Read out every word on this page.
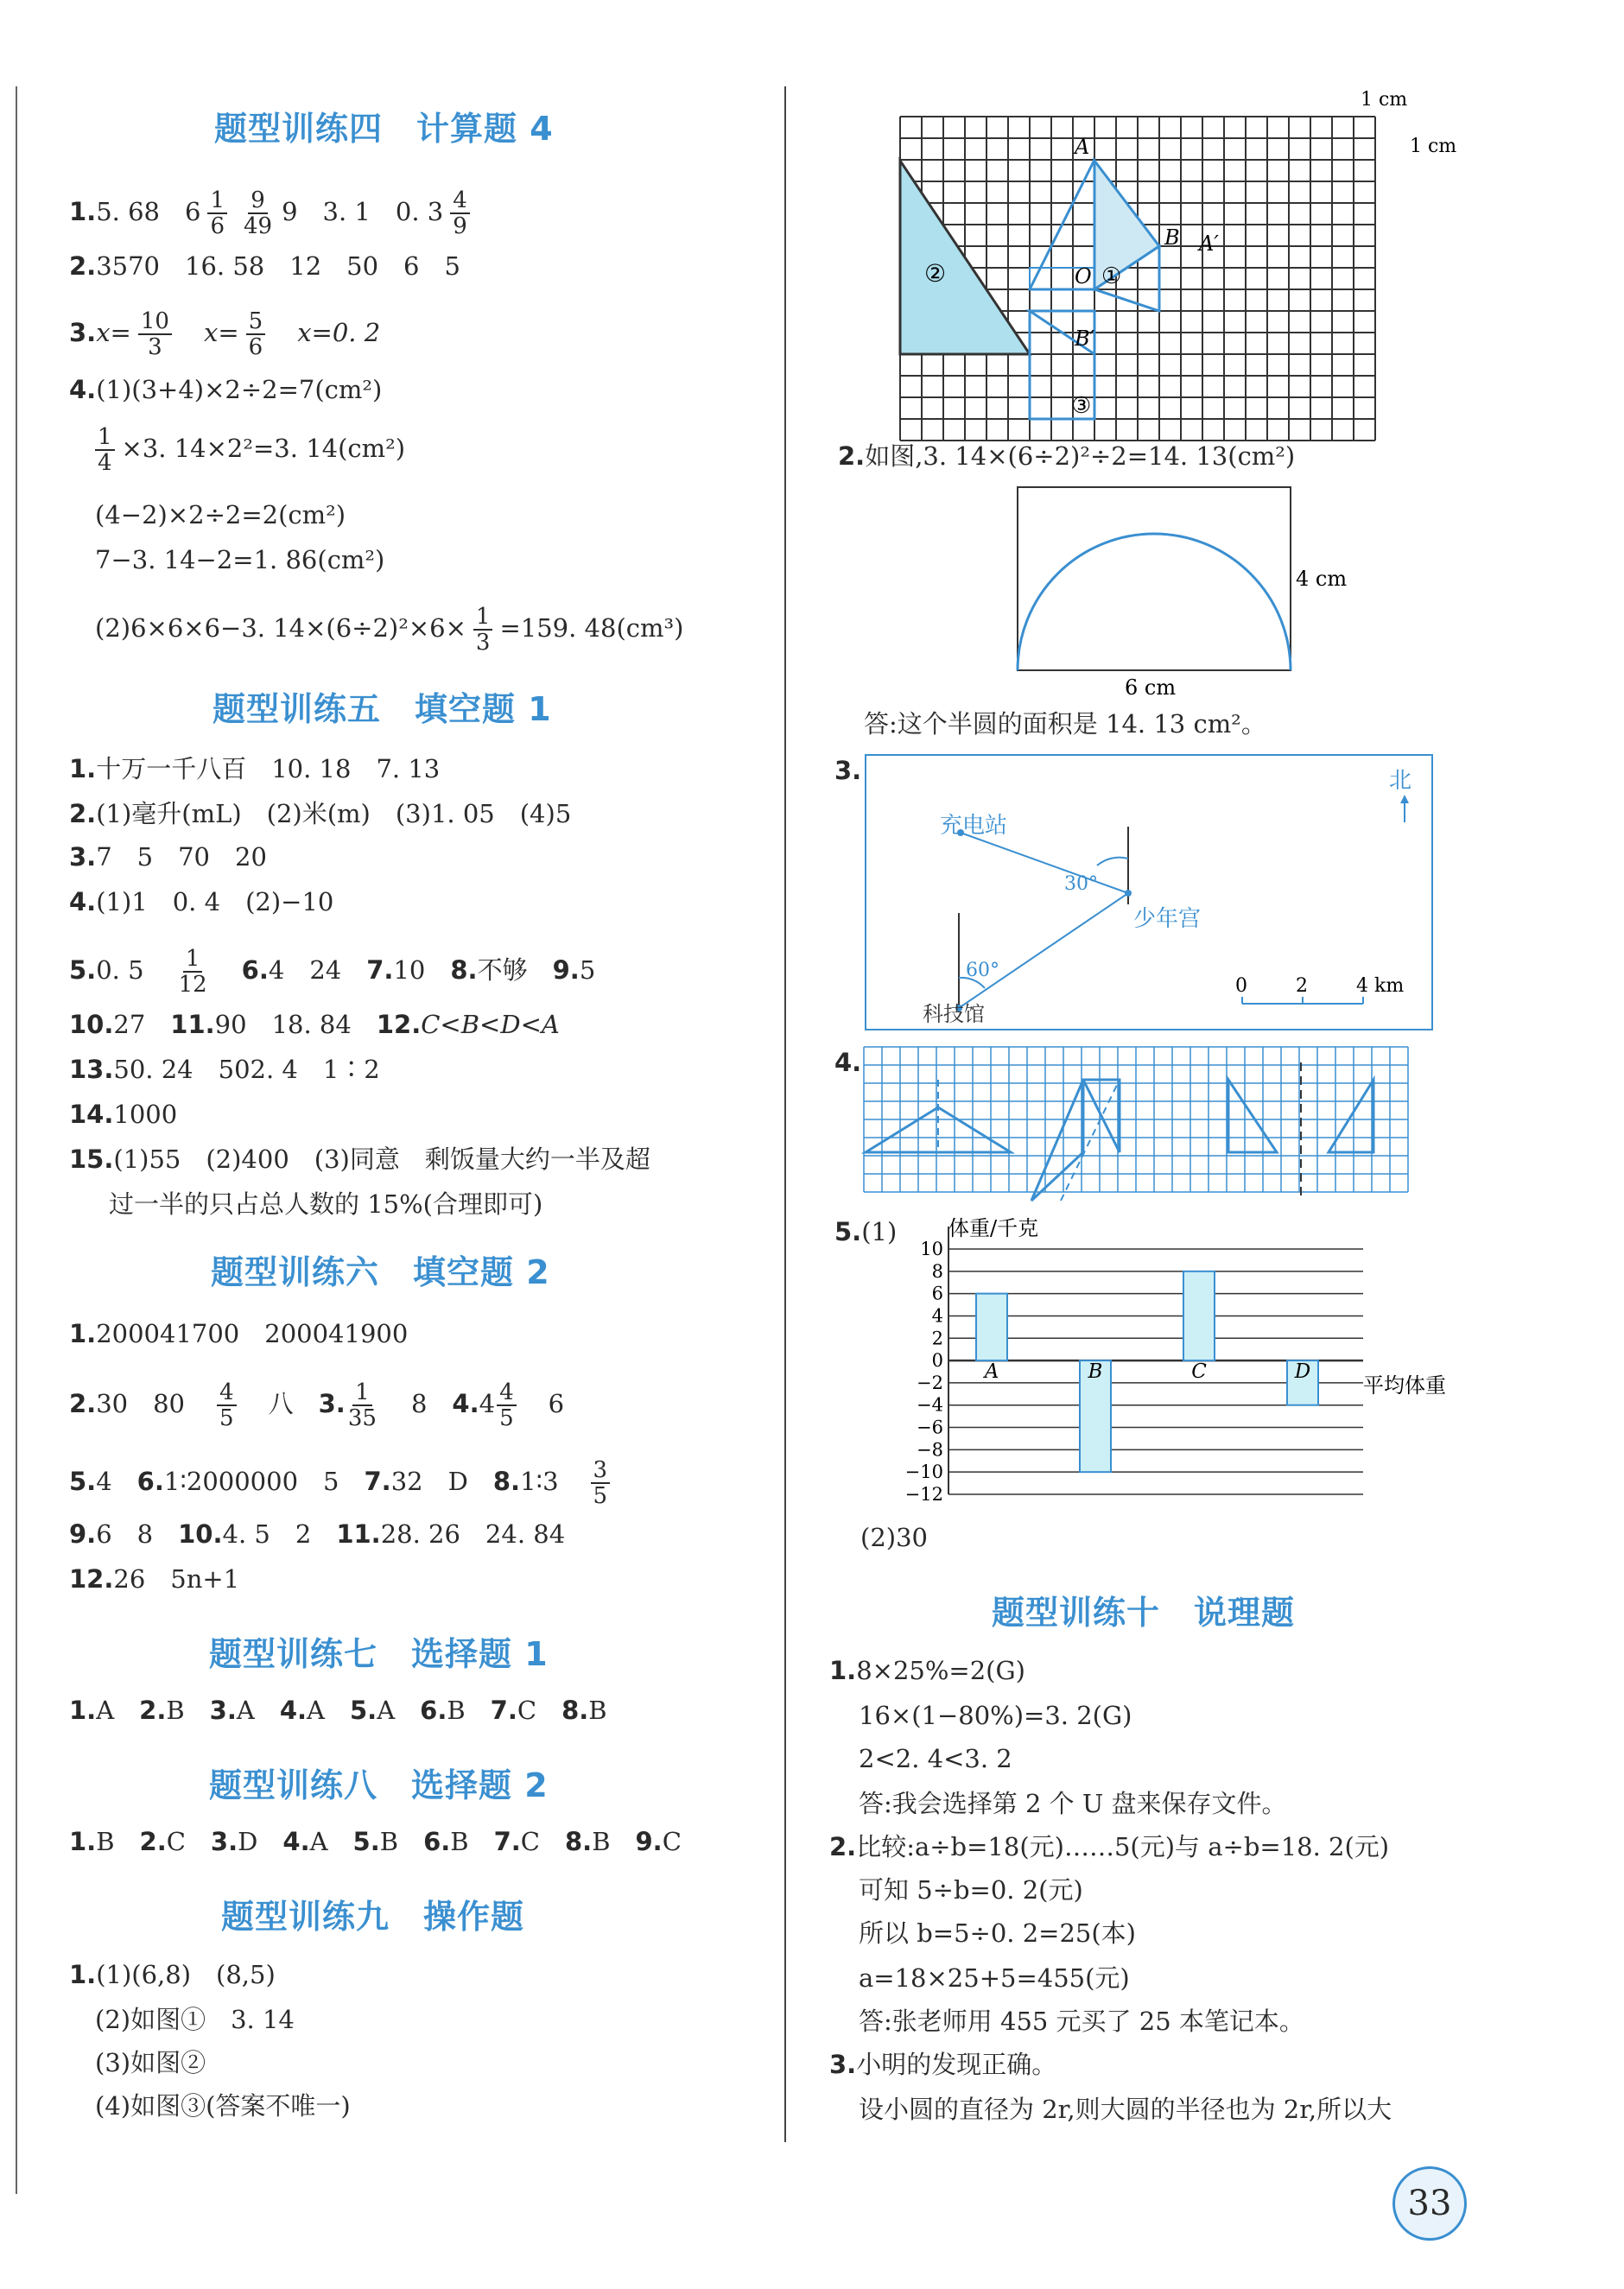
题型训练四　计算题 4
1.5. 68　$6 \frac{1}{6} \frac{9}{49} 9$　3. 1　0. $3 \frac{4}{9}$
2.3570　16. 58　12　50　6　5
$3.x= \frac{10}{3}$
　 $x= \frac{5}{6}$
　 x=0. 2
4.(1)(3+4)×2÷2=7(cm²)
$\frac{1}{4} \times 3$. 14×2²=3. 14(cm²)
(4−2)×2÷2=2(cm²)
7−3. 14−2=1. 86(cm²)
(2)6×6×6−3. $14\times(6\div 2)^2\times 6\times \frac{1}{3} =159$. 48(cm³)
题型训练五　填空题 1
1.十万一千八百　10. 18　7. 13
2.(1)毫升(mL)　(2)米(m)　(3)1. 05　(4)5
3.7　5　70　20
4.(1)1　0. 4　(2)−10
5.0. 5　 $\frac{1}{12}$
　 6.4　24　 7.10　 8.不够　 9.5
10.27　 11.90　18. 84　 12.C<B<D<A
13.50. 24　502. 4　1∶2
14.1000
15.(1)55　(2)400　(3)同意　剩饭量大约一半及超
过一半的只占总人数的 15%(合理即可)
题型训练六　填空题 2
1.200041700　200041900
2.30　80　 $\frac{4}{5}$
　 八　 3. $\frac{1}{35}$
　 8　 $4.4 \frac{4}{5}$
　 6
5.4　 6.1∶2000000　5　 7.32　D　 8.1∶3　 $\frac{3}{5}$
9.6　8　 10.4. 5　2　 11.28. 26　24. 84
12.26　5n+1
题型训练七　选择题 1
1.A　2.B　3.A　4.A　5.A　6.B　7.C　8.B　
题型训练八　选择题 2
1.B　2.C　3.D　4.A　5.B　6.B　7.C　8.B　9.C　
题型训练九　操作题
1.(1)(6,8)　(8,5)
(2)如图①　3. 14
(3)如图②
(4)如图③(答案不唯一)
②
A
B A′
B′
O ①
③
1 cm
1 cm
2.如图,3. 14×(6÷2)²÷2=14. 13(cm²)
4 cm
6 cm
答:这个半圆的面积是 14. 13 cm²。
3.	北
充电站
少年宫
科技馆
30°
60°
0	2	4 km
4.
5.(1)
10
8
6
4
2
0
−2
−4
−6
−8
−10
−12
A	B	C	D
体重/千克
平均体重
(2)30
题型训练十　说理题
1.8×25%=2(G)
16×(1−80%)=3. 2(G)
2<2. 4<3. 2
答:我会选择第 2 个 U 盘来保存文件。
2.比较:a÷b=18(元)……5(元)与 a÷b=18. 2(元)
可知 5÷b=0. 2(元)
所以 b=5÷0. 2=25(本)
a=18×25+5=455(元)
答:张老师用 455 元买了 25 本笔记本。
3.小明的发现正确。
设小圆的直径为 2r,则大圆的半径也为 2r,所以大
33
